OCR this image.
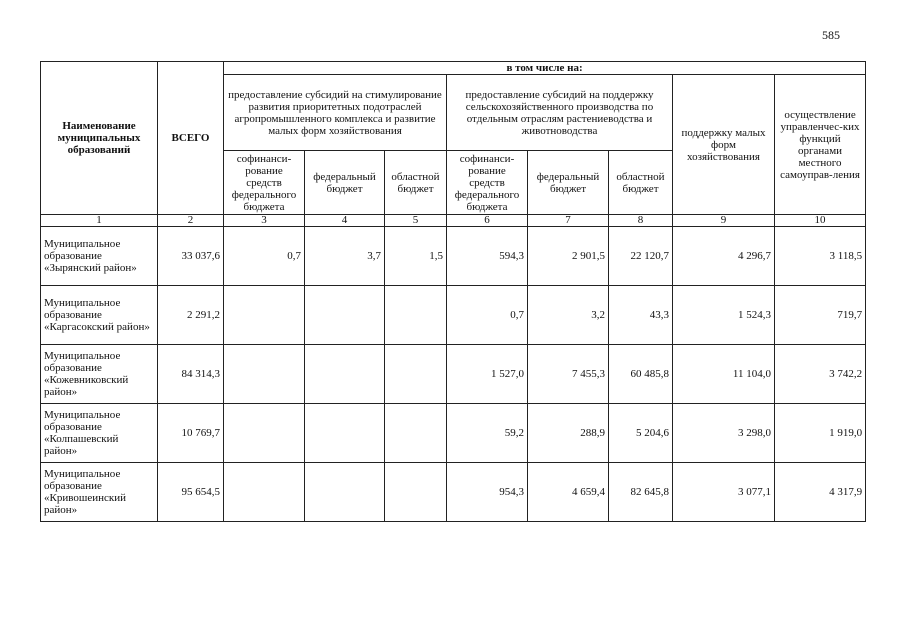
585
Наименование муниципальных образований	ВСЕГО	в том числе на:							
		предоставление субсидий на стимулирование развития приоритетных подотраслей агропромышленного комплекса и развитие малых форм хозяйствования			предоставление субсидий на поддержку сельскохозяйственного производства по отдельным отраслям растениеводства и животноводства			поддержку малых форм хозяйствования	осуществление управленчес-ких функций органами местного самоуправ-ления
		софинанси-рование средств федерального бюджета	федеральный бюджет	областной бюджет	софинанси-рование средств федерального бюджета	федеральный бюджет	областной бюджет		
1	2	3	4	5	6	7	8	9	10
Муниципальное образование «Зырянский район»	33 037,6	0,7	3,7	1,5	594,3	2 901,5	22 120,7	4 296,7	3 118,5
Муниципальное образование «Каргасокский район»	2 291,2				0,7	3,2	43,3	1 524,3	719,7
Муниципальное образование «Кожевниковский район»	84 314,3				1 527,0	7 455,3	60 485,8	11 104,0	3 742,2
Муниципальное образование «Колпашевский район»	10 769,7				59,2	288,9	5 204,6	3 298,0	1 919,0
Муниципальное образование «Кривошеинский район»	95 654,5				954,3	4 659,4	82 645,8	3 077,1	4 317,9
